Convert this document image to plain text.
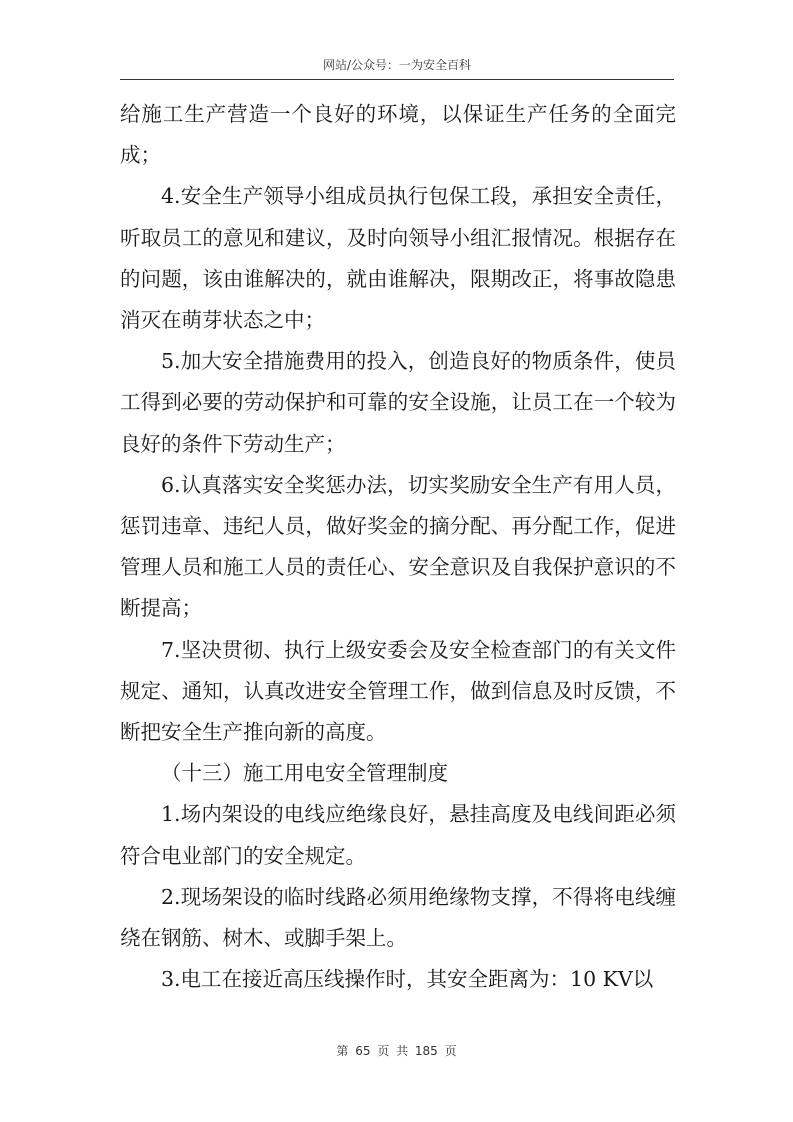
网站/公众号：一为安全百科

给施工生产营造一个良好的环境，以保证生产任务的全面完成；

4.安全生产领导小组成员执行包保工段，承担安全责任，听取员工的意见和建议，及时向领导小组汇报情况。根据存在的问题，该由谁解决的，就由谁解决，限期改正，将事故隐患消灭在萌芽状态之中；

5.加大安全措施费用的投入，创造良好的物质条件，使员工得到必要的劳动保护和可靠的安全设施，让员工在一个较为良好的条件下劳动生产；

6.认真落实安全奖惩办法，切实奖励安全生产有用人员，惩罚违章、违纪人员，做好奖金的摘分配、再分配工作，促进管理人员和施工人员的责任心、安全意识及自我保护意识的不断提高；

7.坚决贯彻、执行上级安委会及安全检查部门的有关文件规定、通知，认真改进安全管理工作，做到信息及时反馈，不断把安全生产推向新的高度。

（十三）施工用电安全管理制度

1.场内架设的电线应绝缘良好，悬挂高度及电线间距必须符合电业部门的安全规定。

2.现场架设的临时线路必须用绝缘物支撑，不得将电线缠绕在钢筋、树木、或脚手架上。

3.电工在接近高压线操作时，其安全距离为：10 KV以

第 65 页 共 185 页
